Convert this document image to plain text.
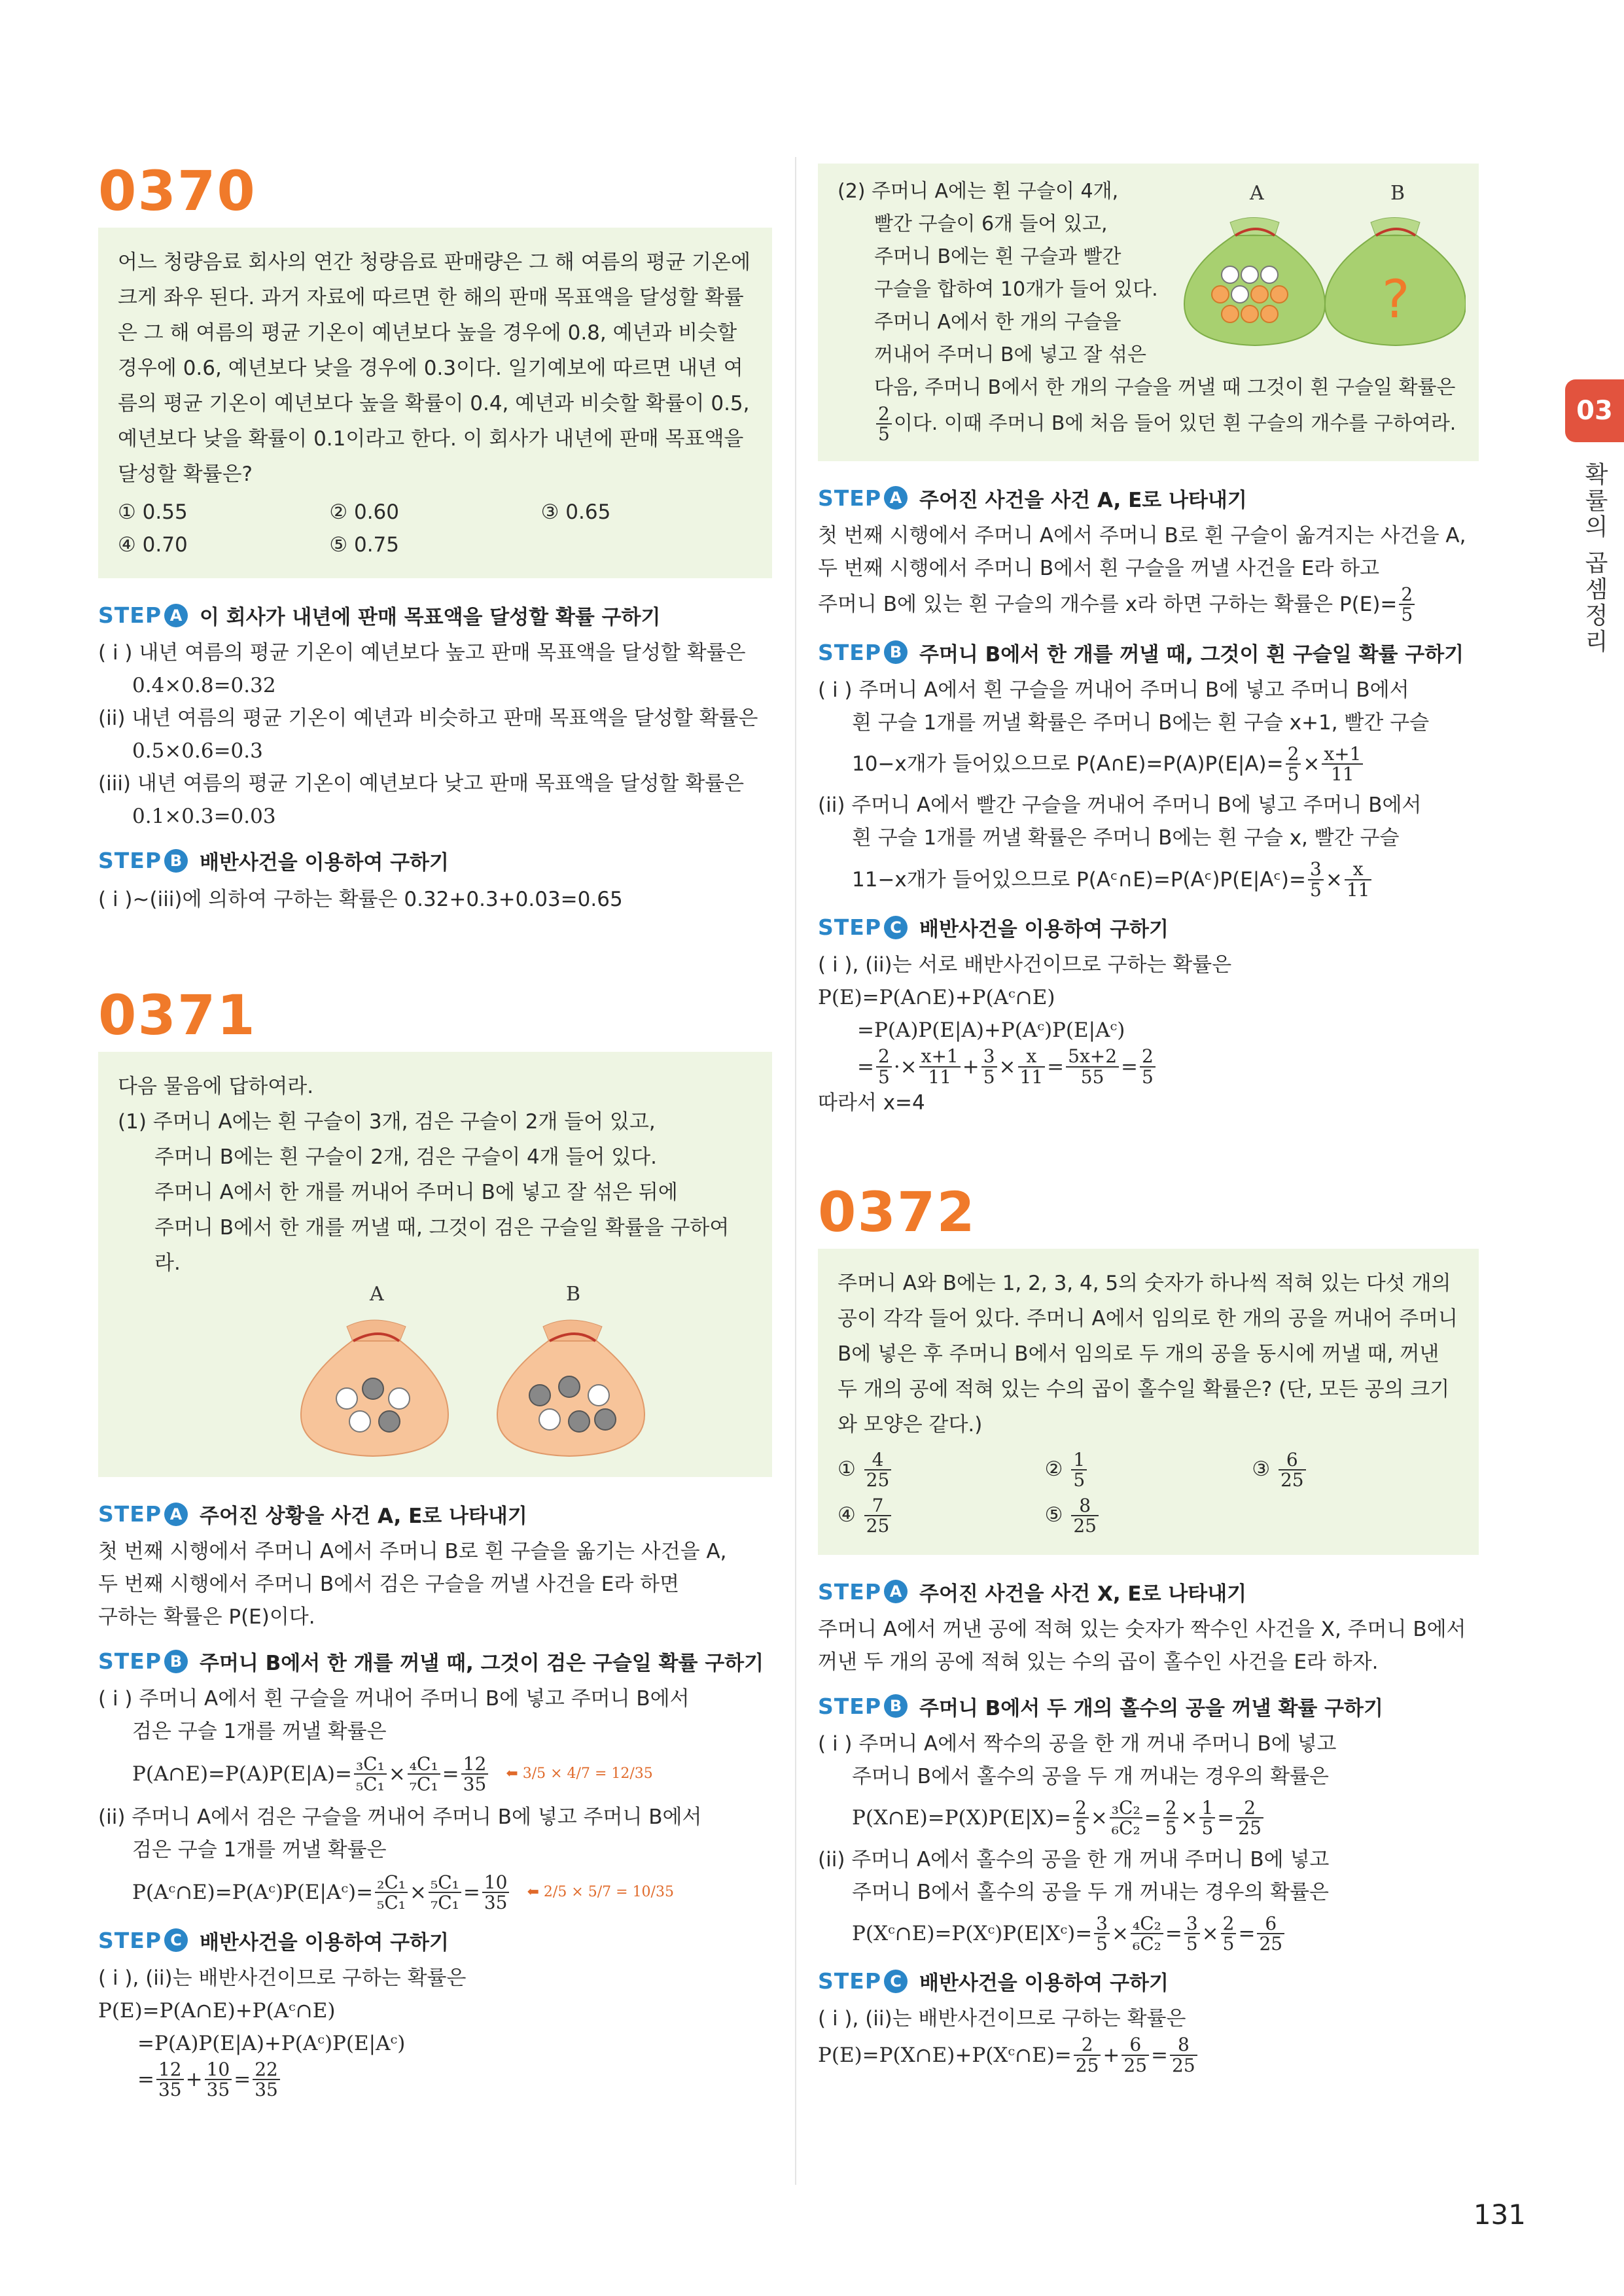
0370
어느 청량음료 회사의 연간 청량음료 판매량은 그 해 여름의 평균 기온에 크게 좌우 된다. 과거 자료에 따르면 한 해의 판매 목표액을 달성할 확률은 그 해 여름의 평균 기온이 예년보다 높을 경우에 0.8, 예년과 비슷할 경우에 0.6, 예년보다 낮을 경우에 0.3이다. 일기예보에 따르면 내년 여름의 평균 기온이 예년보다 높을 확률이 0.4, 예년과 비슷할 확률이 0.5, 예년보다 낮을 확률이 0.1이라고 한다. 이 회사가 내년에 판매 목표액을 달성할 확률은?
① 0.55	② 0.60	③ 0.65
④ 0.70	⑤ 0.75
STEP A 이 회사가 내년에 판매 목표액을 달성할 확률 구하기
( i ) 내년 여름의 평균 기온이 예년보다 높고 판매 목표액을 달성할 확률은
0.4×0.8=0.32
(ii) 내년 여름의 평균 기온이 예년과 비슷하고 판매 목표액을 달성할 확률은
0.5×0.6=0.3
(iii) 내년 여름의 평균 기온이 예년보다 낮고 판매 목표액을 달성할 확률은
0.1×0.3=0.03
STEP B 배반사건을 이용하여 구하기
( i )~(iii)에 의하여 구하는 확률은 0.32+0.3+0.03=0.65
0371
다음 물음에 답하여라.
(1) 주머니 A에는 흰 구슬이 3개, 검은 구슬이 2개 들어 있고,
주머니 B에는 흰 구슬이 2개, 검은 구슬이 4개 들어 있다.
주머니 A에서 한 개를 꺼내어 주머니 B에 넣고 잘 섞은 뒤에
주머니 B에서 한 개를 꺼낼 때, 그것이 검은 구슬일 확률을 구하여라.
A	B
STEP A 주어진 상황을 사건 A, E로 나타내기
첫 번째 시행에서 주머니 A에서 주머니 B로 흰 구슬을 옮기는 사건을 A,
두 번째 시행에서 주머니 B에서 검은 구슬을 꺼낼 사건을 E라 하면
구하는 확률은 P(E)이다.
STEP B 주머니 B에서 한 개를 꺼낼 때, 그것이 검은 구슬일 확률 구하기
( i ) 주머니 A에서 흰 구슬을 꺼내어 주머니 B에 넣고 주머니 B에서
검은 구슬 1개를 꺼낼 확률은
P(A∩E)=P(A)P(E|A)= $\frac{\text{₃C₁}}{\text{₅C₁}} \times \frac{\text{₄C₁}}{\text{₇C₁}} = \frac{12}{35}$ ⬅ 3/5 × 4/7 = 12/35
(ii) 주머니 A에서 검은 구슬을 꺼내어 주머니 B에 넣고 주머니 B에서
검은 구슬 1개를 꺼낼 확률은
P(Aᶜ∩E)=P(Aᶜ)P(E|Aᶜ)= $\frac{\text{₂C₁}}{\text{₅C₁}} \times \frac{\text{₅C₁}}{\text{₇C₁}} = \frac{10}{35}$ ⬅ 2/5 × 5/7 = 10/35
STEP C 배반사건을 이용하여 구하기
( i ), (ii)는 배반사건이므로 구하는 확률은
P(E)=P(A∩E)+P(Aᶜ∩E)
=P(A)P(E|A)+P(Aᶜ)P(E|Aᶜ)
= $\frac{12}{35} + \frac{10}{35} = \frac{22}{35}$
(2) 주머니 A에는 흰 구슬이 4개,
빨간 구슬이 6개 들어 있고,
주머니 B에는 흰 구슬과 빨간
구슬을 합하여 10개가 들어 있다.
주머니 A에서 한 개의 구슬을
꺼내어 주머니 B에 넣고 잘 섞은
다음, 주머니 B에서 한 개의 구슬을 꺼낼 때 그것이 흰 구슬일 확률은
$\frac{2}{5}$ 이다. 이때 주머니 B에 처음 들어 있던 흰 구슬의 개수를 구하여라.
A	B
?
STEP A 주어진 사건을 사건 A, E로 나타내기
첫 번째 시행에서 주머니 A에서 주머니 B로 흰 구슬이 옮겨지는 사건을 A,
두 번째 시행에서 주머니 B에서 흰 구슬을 꺼낼 사건을 E라 하고
주머니 B에 있는 흰 구슬의 개수를 x라 하면 구하는 확률은 $P(E)= \frac{2}{5}$
STEP B 주머니 B에서 한 개를 꺼낼 때, 그것이 흰 구슬일 확률 구하기
( i ) 주머니 A에서 흰 구슬을 꺼내어 주머니 B에 넣고 주머니 B에서
흰 구슬 1개를 꺼낼 확률은 주머니 B에는 흰 구슬 x+1, 빨간 구슬
10−x개가 들어있으므로 P(A∩E)=P(A)P(E|A)= $\frac{2}{5} \times \frac{x+1}{11}$
(ii) 주머니 A에서 빨간 구슬을 꺼내어 주머니 B에 넣고 주머니 B에서
흰 구슬 1개를 꺼낼 확률은 주머니 B에는 흰 구슬 x, 빨간 구슬
11−x개가 들어있으므로 P(Aᶜ∩E)=P(Aᶜ)P(E|Aᶜ)= $\frac{3}{5} \times \frac{x}{11}$
STEP C 배반사건을 이용하여 구하기
( i ), (ii)는 서로 배반사건이므로 구하는 확률은
P(E)=P(A∩E)+P(Aᶜ∩E)
=P(A)P(E|A)+P(Aᶜ)P(E|Aᶜ)
= $\frac{2}{5} \cdot\times \frac{x+1}{11} + \frac{3}{5} \times \frac{x}{11} = \frac{5x+2}{55} = \frac{2}{5}$
따라서 x=4
0372
주머니 A와 B에는 1, 2, 3, 4, 5의 숫자가 하나씩 적혀 있는 다섯 개의 공이 각각 들어 있다. 주머니 A에서 임의로 한 개의 공을 꺼내어 주머니 B에 넣은 후 주머니 B에서 임의로 두 개의 공을 동시에 꺼낼 때, 꺼낸 두 개의 공에 적혀 있는 수의 곱이 홀수일 확률은? (단, 모든 공의 크기와 모양은 같다.)
① $\frac{4}{25}$	② $\frac{1}{5}$	③ $\frac{6}{25}$
④ $\frac{7}{25}$	⑤ $\frac{8}{25}$
STEP A 주어진 사건을 사건 X, E로 나타내기
주머니 A에서 꺼낸 공에 적혀 있는 숫자가 짝수인 사건을 X, 주머니 B에서
꺼낸 두 개의 공에 적혀 있는 수의 곱이 홀수인 사건을 E라 하자.
STEP B 주머니 B에서 두 개의 홀수의 공을 꺼낼 확률 구하기
( i ) 주머니 A에서 짝수의 공을 한 개 꺼내 주머니 B에 넣고
주머니 B에서 홀수의 공을 두 개 꺼내는 경우의 확률은
P(X∩E)=P(X)P(E|X)= $\frac{2}{5} \times \frac{\text{₃C₂}}{\text{₆C₂}} = \frac{2}{5} \times \frac{1}{5} = \frac{2}{25}$
(ii) 주머니 A에서 홀수의 공을 한 개 꺼내 주머니 B에 넣고
주머니 B에서 홀수의 공을 두 개 꺼내는 경우의 확률은
P(Xᶜ∩E)=P(Xᶜ)P(E|Xᶜ)= $\frac{3}{5} \times \frac{\text{₄C₂}}{\text{₆C₂}} = \frac{3}{5} \times \frac{2}{5} = \frac{6}{25}$
STEP C 배반사건을 이용하여 구하기
( i ), (ii)는 배반사건이므로 구하는 확률은
P(E)=P(X∩E)+P(Xᶜ∩E)= $\frac{2}{25} + \frac{6}{25} = \frac{8}{25}$
03
확률의 곱셈정리
131
